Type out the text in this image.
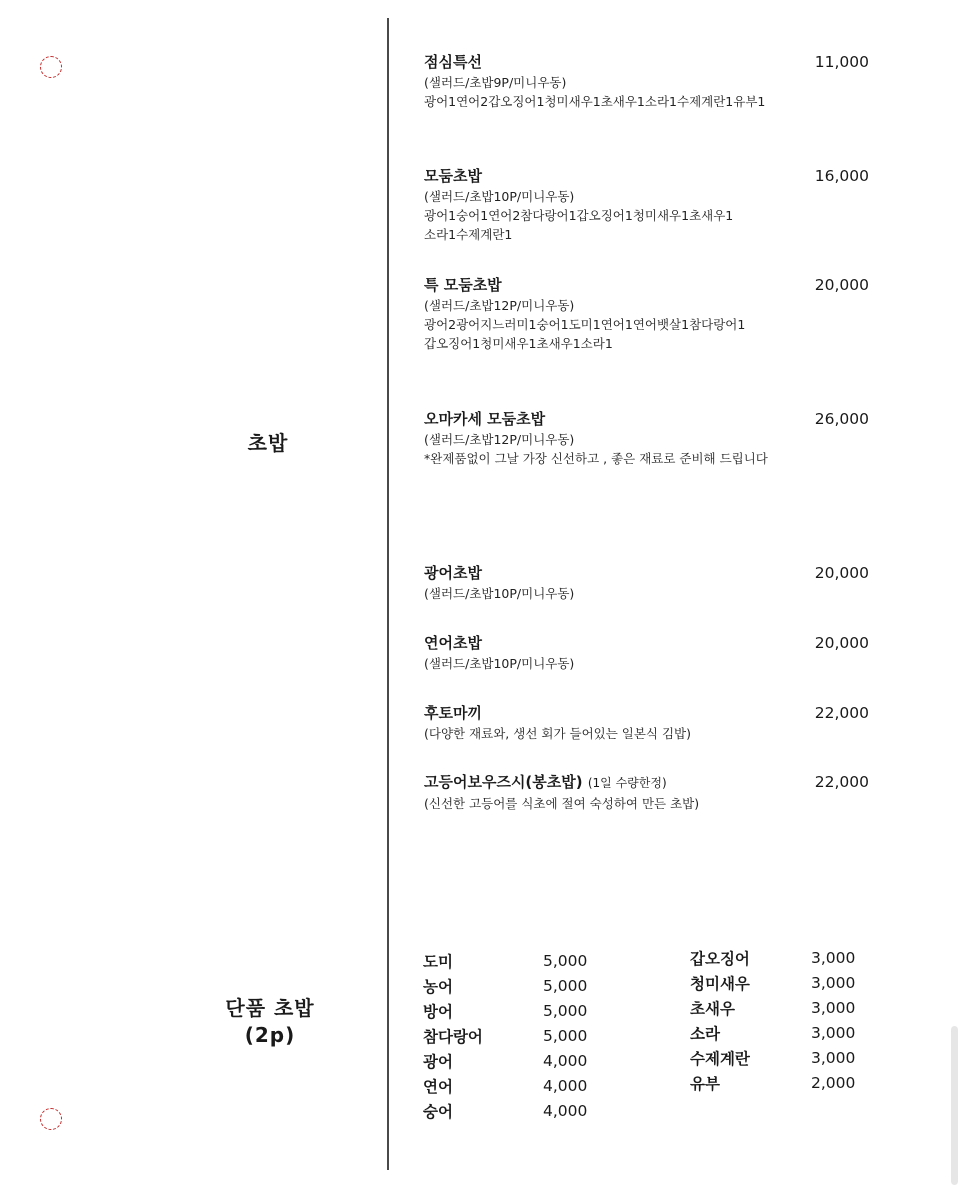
초밥
단품 초밥
(2p)
점심특선	11,000
(샐러드/초밥9P/미니우동)
광어1연어2갑오징어1청미새우1초새우1소라1수제계란1유부1
모둠초밥	16,000
(샐러드/초밥10P/미니우동)
광어1숭어1연어2참다랑어1갑오징어1청미새우1초새우1
소라1수제계란1
특 모둠초밥	20,000
(샐러드/초밥12P/미니우동)
광어2광어지느러미1숭어1도미1연어1연어뱃살1참다랑어1
갑오징어1청미새우1초새우1소라1
오마카세 모둠초밥	26,000
(샐러드/초밥12P/미니우동)
*완제품없이 그날 가장 신선하고 , 좋은 재료로 준비해 드립니다
광어초밥	20,000
(샐러드/초밥10P/미니우동)
연어초밥	20,000
(샐러드/초밥10P/미니우동)
후토마끼	22,000
(다양한 재료와, 생선 회가 들어있는 일본식 김밥)
고등어보우즈시(봉초밥) (1일 수량한정)	22,000
(신선한 고등어를 식초에 절여 숙성하여 만든 초밥)
도미	5,000
농어	5,000
방어	5,000
참다랑어	5,000
광어	4,000
연어	4,000
숭어	4,000
갑오징어	3,000
청미새우	3,000
초새우	3,000
소라	3,000
수제계란	3,000
유부	2,000
